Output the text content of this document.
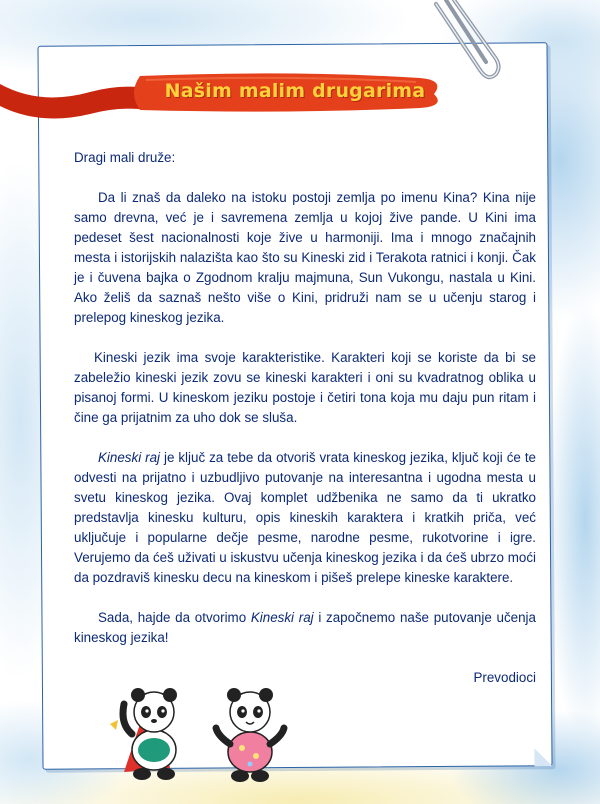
Našim malim drugarima

Dragi mali druže:

Da li znaš da daleko na istoku postoji zemlja po imenu Kina? Kina nije samo drevna, već je i savremena zemlja u kojoj žive pande. U Kini ima pedeset šest nacionalnosti koje žive u harmoniji. Ima i mnogo značajnih mesta i istorijskih nalazišta kao što su Kineski zid i Terakota ratnici i konji. Čak je i čuvena bajka o Zgodnom kralju majmuna, Sun Vukongu, nastala u Kini. Ako želiš da saznaš nešto više o Kini, pridruži nam se u učenju starog i prelepog kineskog jezika.

Kineski jezik ima svoje karakteristike. Karakteri koji se koriste da bi se zabeležio kineski jezik zovu se kineski karakteri i oni su kvadratnog oblika u pisanoj formi. U kineskom jeziku postoje i četiri tona koja mu daju pun ritam i čine ga prijatnim za uho dok se sluša.

Kineski raj je ključ za tebe da otvoriš vrata kineskog jezika, ključ koji će te odvesti na prijatno i uzbudljivo putovanje na interesantna i ugodna mesta u svetu kineskog jezika. Ovaj komplet udžbenika ne samo da ti ukratko predstavlja kinesku kulturu, opis kineskih karaktera i kratkih priča, već uključuje i popularne dečje pesme, narodne pesme, rukotvorine i igre. Verujemo da ćeš uživati u iskustvu učenja kineskog jezika i da ćeš ubrzo moći da pozdraviš kinesku decu na kineskom i pišeš prelepe kineske karaktere.

Sada, hajde da otvorimo Kineski raj i započnemo naše putovanje učenja kineskog jezika!

Prevodioci
